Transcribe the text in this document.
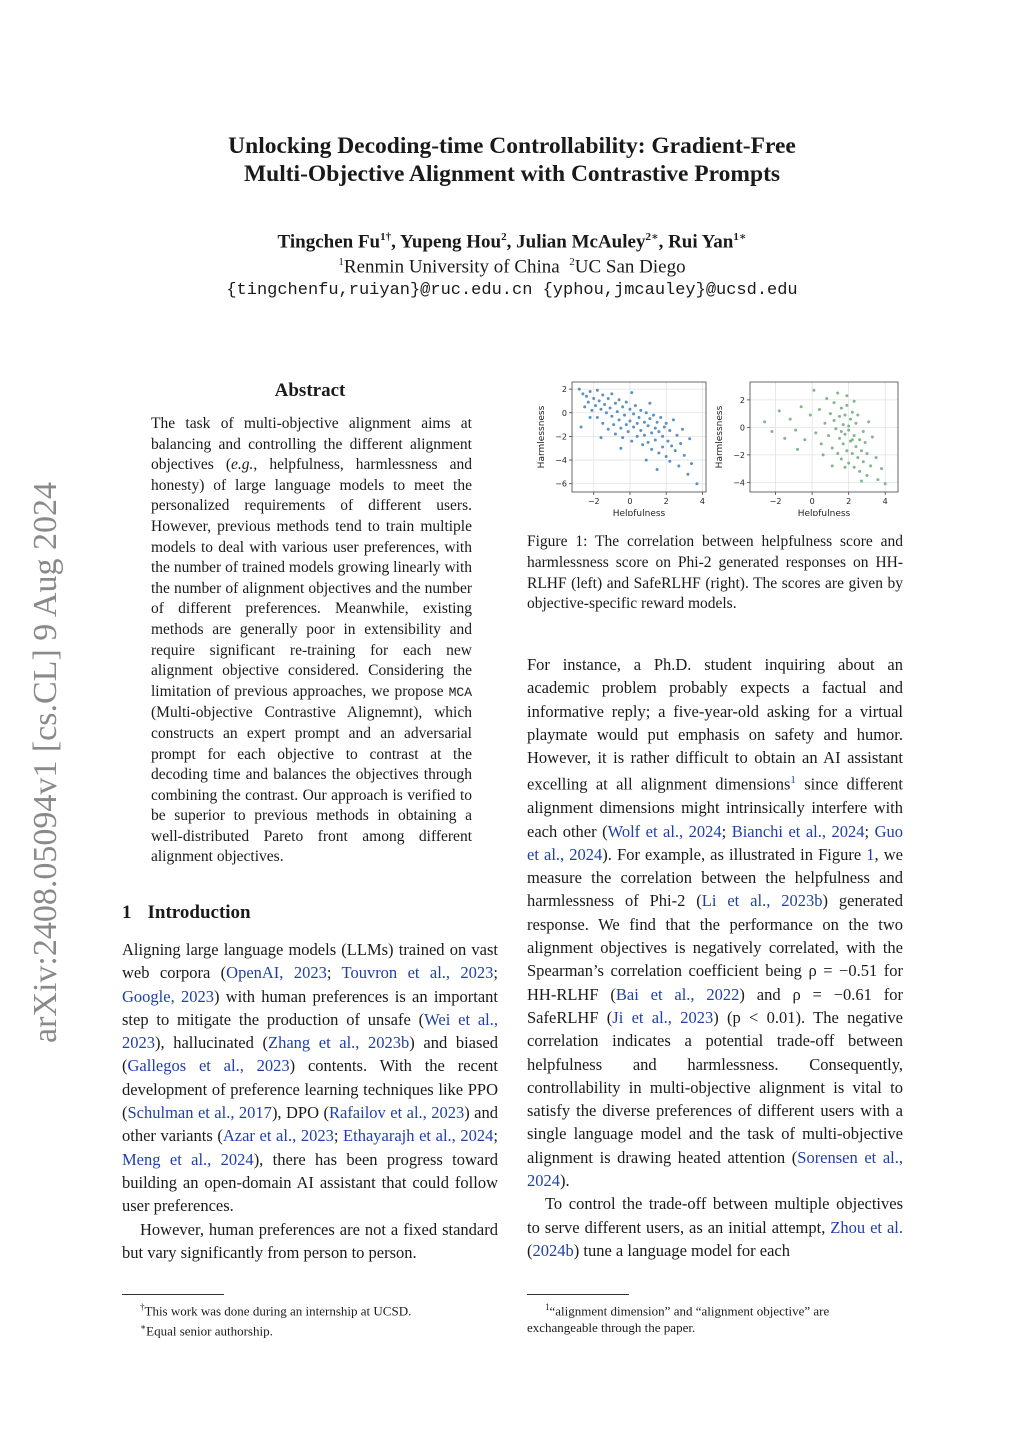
arXiv:2408.05094v1 [cs.CL] 9 Aug 2024
Unlocking Decoding-time Controllability: Gradient-Free
Multi-Objective Alignment with Contrastive Prompts
Tingchen $Fu^{1\dagger}$, Yupeng Hou$^2$, Julian McAuley$^{2∗}$, Rui Yan$^{1∗}$
$^1$Renmin University of China $^2$UC San Diego
{tingchenfu,ruiyan}@ruc.edu.cn {yphou,jmcauley}@ucsd.edu
Abstract
The task of multi-objective alignment aims at balancing and controlling the different alignment objectives (e.g., helpfulness, harmlessness and honesty) of large language models to meet the personalized requirements of different users. However, previous methods tend to train multiple models to deal with various user preferences, with the number of trained models growing linearly with the number of alignment objectives and the number of different preferences. Meanwhile, existing methods are generally poor in extensibility and require significant re-training for each new alignment objective considered. Considering the limitation of previous approaches, we propose MCA (Multi-objective Contrastive Alignemnt), which constructs an expert prompt and an adversarial prompt for each objective to contrast at the decoding time and balances the objectives through combining the contrast. Our approach is verified to be superior to previous methods in obtaining a well-distributed Pareto front among different alignment objectives.
1 Introduction

Aligning large language models (LLMs) trained on vast web corpora (OpenAI, 2023; Touvron et al., 2023; Google, 2023) with human preferences is an important step to mitigate the production of unsafe (Wei et al., 2023), hallucinated (Zhang et al., 2023b) and biased (Gallegos et al., 2023) contents. With the recent development of preference learning techniques like PPO (Schulman et al., 2017), DPO (Rafailov et al., 2023) and other variants (Azar et al., 2023; Ethayarajh et al., 2024; Meng et al., 2024), there has been progress toward building an open-domain AI assistant that could follow user preferences.

However, human preferences are not a fixed standard but vary significantly from person to person.

−2	0	2	4
2
0
−2
−4
−6
Helpfulness
Harmlessness
−2	0	2	4
2
0
−2
−4
Helpfulness
Harmlessness
Figure 1: The correlation between helpfulness score and harmlessness score on Phi-2 generated responses on HH-RLHF (left) and SafeRLHF (right). The scores are given by objective-specific reward models.

For instance, a Ph.D. student inquiring about an academic problem probably expects a factual and informative reply; a five-year-old asking for a virtual playmate would put emphasis on safety and humor. However, it is rather difficult to obtain an AI assistant excelling at all alignment dimensions$^1$ since different alignment dimensions might intrinsically interfere with each other (Wolf et al., 2024; Bianchi et al., 2024; Guo et al., 2024). For example, as illustrated in Figure 1, we measure the correlation between the helpfulness and harmlessness of Phi-2 (Li et al., 2023b) generated response. We find that the performance on the two alignment objectives is negatively correlated, with the Spearman’s correlation coefficient being ρ = −0.51 for HH-RLHF (Bai et al., 2022) and ρ = −0.61 for SafeRLHF (Ji et al., 2023) (p < 0.01). The negative correlation indicates a potential trade-off between helpfulness and harmlessness. Consequently, controllability in multi-objective alignment is vital to satisfy the diverse preferences of different users with a single language model and the task of multi-objective alignment is drawing heated attention (Sorensen et al., 2024).

To control the trade-off between multiple objectives to serve different users, as an initial attempt, Zhou et al. (2024b) tune a language model for each

†This work was done during an internship at UCSD.
∗Equal senior authorship.
$^1$“alignment dimension” and “alignment objective” are exchangeable through the paper.
